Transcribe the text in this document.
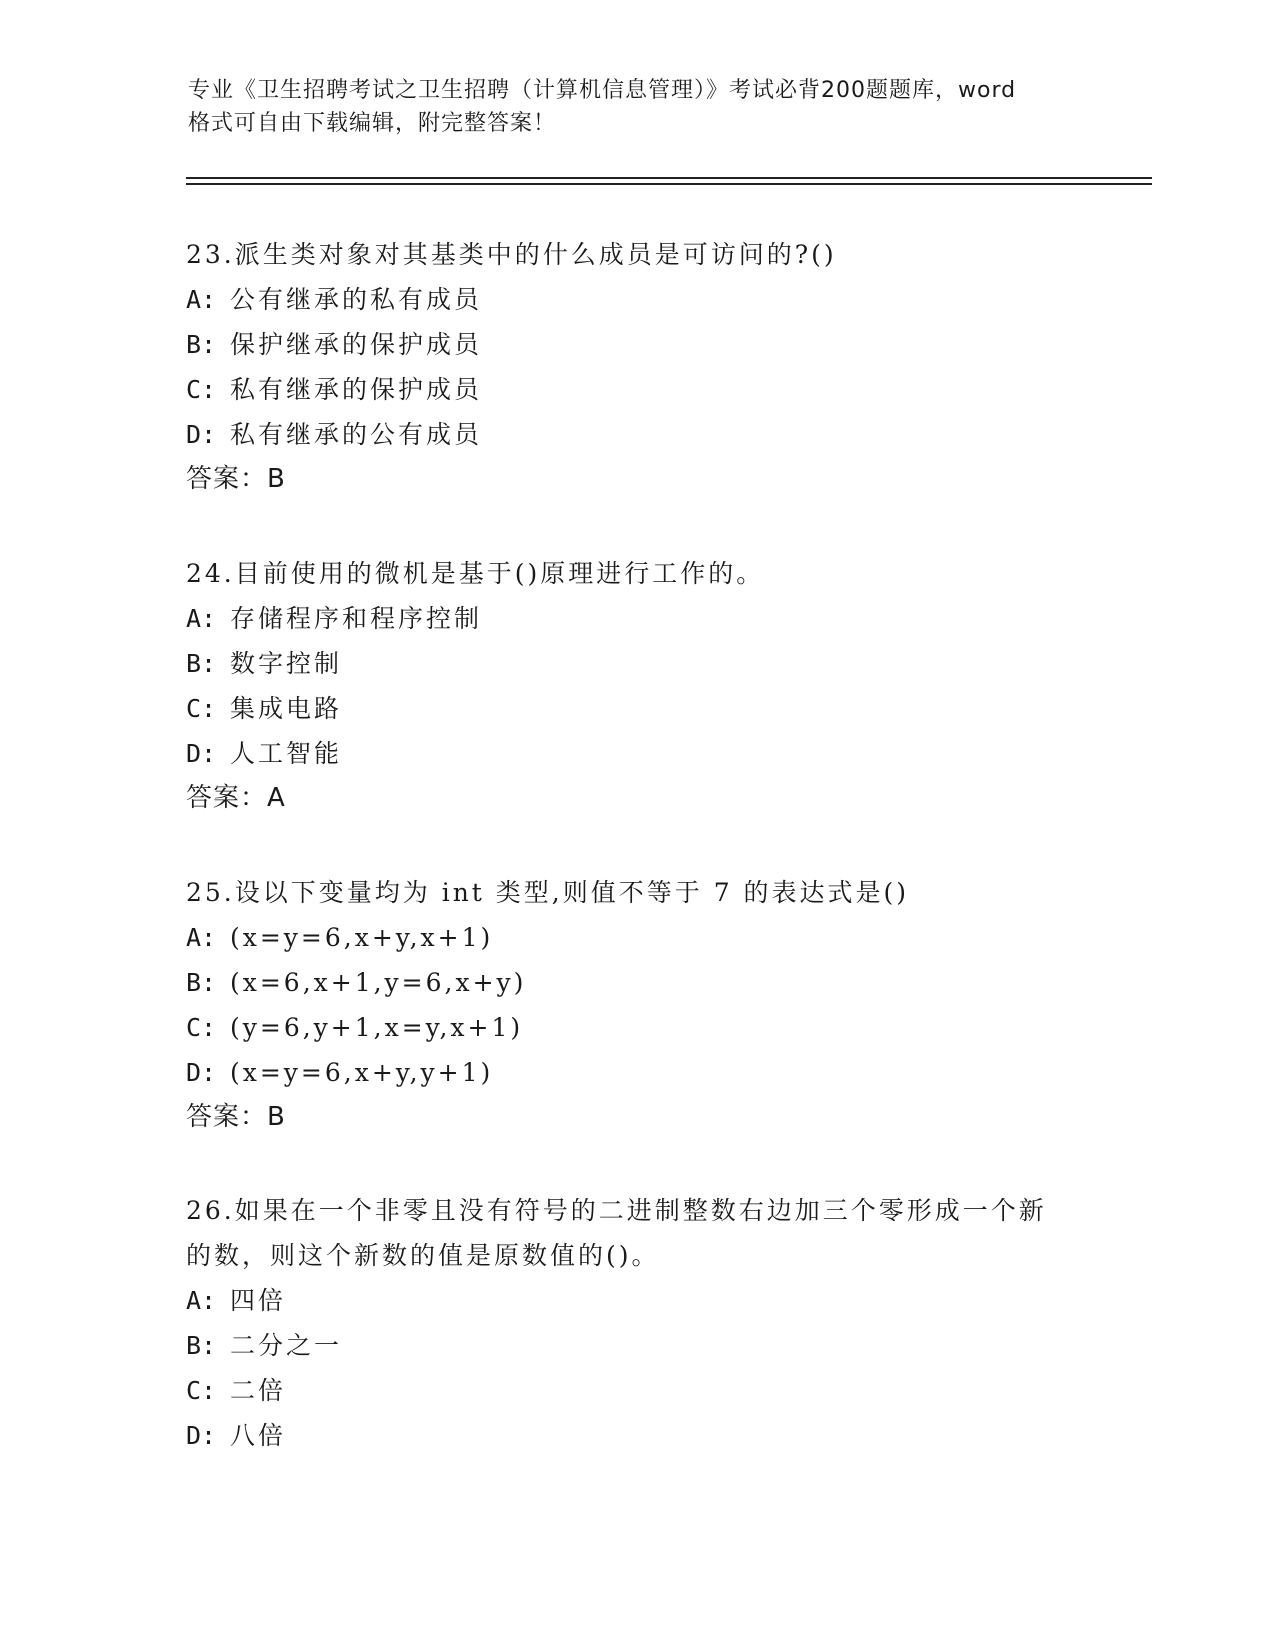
专业《卫生招聘考试之卫生招聘（计算机信息管理）》考试必背200题题库，word
格式可自由下载编辑，附完整答案！
23.派生类对象对其基类中的什么成员是可访问的?()
A: 公有继承的私有成员
B: 保护继承的保护成员
C: 私有继承的保护成员
D: 私有继承的公有成员
答案：B
24.目前使用的微机是基于()原理进行工作的。
A: 存储程序和程序控制
B: 数字控制
C: 集成电路
D: 人工智能
答案：A
25.设以下变量均为 int 类型,则值不等于 7 的表达式是()
A: (x=y=6,x+y,x+1)
B: (x=6,x+1,y=6,x+y)
C: (y=6,y+1,x=y,x+1)
D: (x=y=6,x+y,y+1)
答案：B
26.如果在一个非零且没有符号的二进制整数右边加三个零形成一个新
的数，则这个新数的值是原数值的()。
A: 四倍
B: 二分之一
C: 二倍
D: 八倍
